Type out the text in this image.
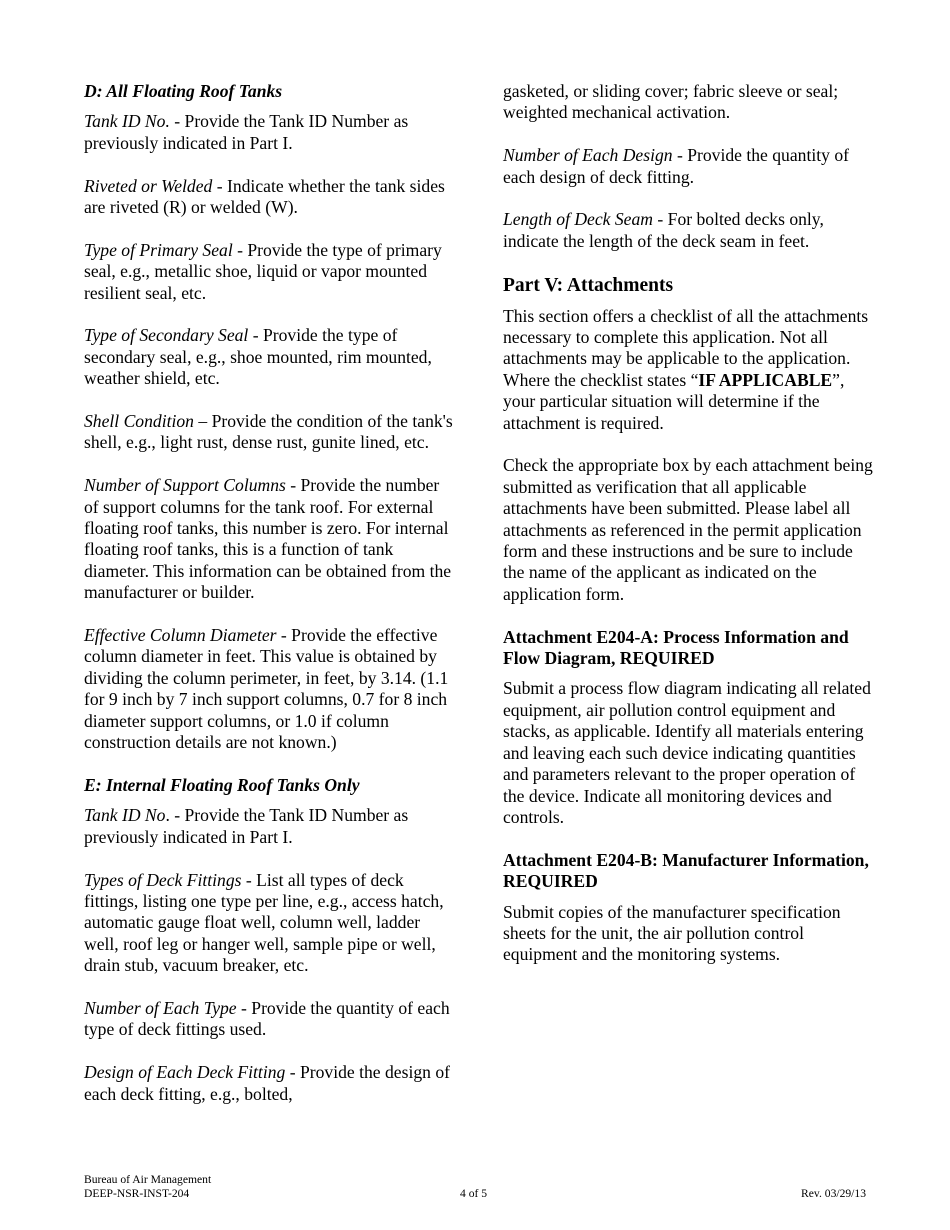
D: All Floating Roof Tanks

Tank ID No. - Provide the Tank ID Number as previously indicated in Part I.

Riveted or Welded - Indicate whether the tank sides are riveted (R) or welded (W).

Type of Primary Seal - Provide the type of primary seal, e.g., metallic shoe, liquid or vapor mounted resilient seal, etc.

Type of Secondary Seal - Provide the type of secondary seal, e.g., shoe mounted, rim mounted, weather shield, etc.

Shell Condition – Provide the condition of the tank's shell, e.g., light rust, dense rust, gunite lined, etc.

Number of Support Columns - Provide the number of support columns for the tank roof. For external floating roof tanks, this number is zero. For internal floating roof tanks, this is a function of tank diameter. This information can be obtained from the manufacturer or builder.

Effective Column Diameter - Provide the effective column diameter in feet. This value is obtained by dividing the column perimeter, in feet, by 3.14. (1.1 for 9 inch by 7 inch support columns, 0.7 for 8 inch diameter support columns, or 1.0 if column construction details are not known.)

E: Internal Floating Roof Tanks Only

Tank ID No. - Provide the Tank ID Number as previously indicated in Part I.

Types of Deck Fittings - List all types of deck fittings, listing one type per line, e.g., access hatch, automatic gauge float well, column well, ladder well, roof leg or hanger well, sample pipe or well, drain stub, vacuum breaker, etc.

Number of Each Type - Provide the quantity of each type of deck fittings used.

Design of Each Deck Fitting - Provide the design of each deck fitting, e.g., bolted,

gasketed, or sliding cover; fabric sleeve or seal; weighted mechanical activation.

Number of Each Design - Provide the quantity of each design of deck fitting.

Length of Deck Seam - For bolted decks only, indicate the length of the deck seam in feet.

Part V: Attachments

This section offers a checklist of all the attachments necessary to complete this application. Not all attachments may be applicable to the application. Where the checklist states “IF APPLICABLE”, your particular situation will determine if the attachment is required.

Check the appropriate box by each attachment being submitted as verification that all applicable attachments have been submitted. Please label all attachments as referenced in the permit application form and these instructions and be sure to include the name of the applicant as indicated on the application form.

Attachment E204-A: Process Information and Flow Diagram, REQUIRED

Submit a process flow diagram indicating all related equipment, air pollution control equipment and stacks, as applicable. Identify all materials entering and leaving each such device indicating quantities and parameters relevant to the proper operation of the device. Indicate all monitoring devices and controls.

Attachment E204-B: Manufacturer Information, REQUIRED

Submit copies of the manufacturer specification sheets for the unit, the air pollution control equipment and the monitoring systems.

Bureau of Air Management
DEEP-NSR-INST-204	4 of 5	Rev. 03/29/13
